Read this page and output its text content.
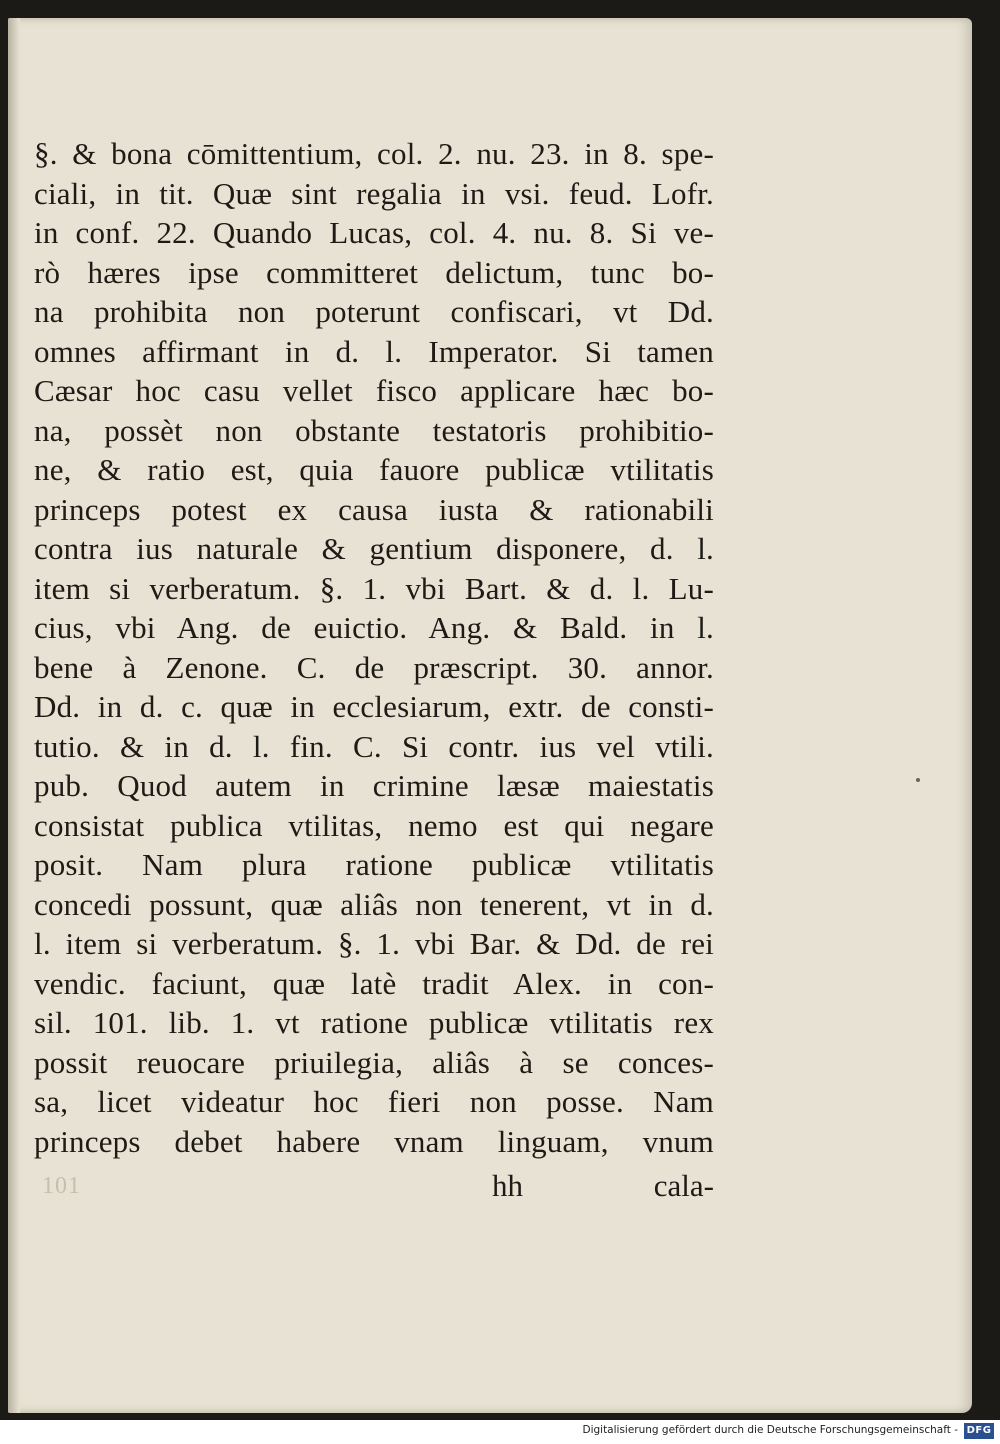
§. & bona cōmittentium, col. 2. nu. 23. in 8. spe-
ciali, in tit. Quæ sint regalia in vsi. feud. Lofr.
in conf. 22. Quando Lucas, col. 4. nu. 8. Si ve-
rò hæres ipse committeret delictum, tunc bo-
na prohibita non poterunt confiscari, vt Dd.
omnes affirmant in d. l. Imperator. Si tamen
Cæsar hoc casu vellet fisco applicare hæc bo-
na, possèt non obstante testatoris prohibitio-
ne, & ratio est, quia fauore publicæ vtilitatis
princeps potest ex causa iusta & rationabili
contra ius naturale & gentium disponere, d. l.
item si verberatum. §. 1. vbi Bart. & d. l. Lu-
cius, vbi Ang. de euictio. Ang. & Bald. in l.
bene à Zenone. C. de præscript. 30. annor.
Dd. in d. c. quæ in ecclesiarum, extr. de consti-
tutio. & in d. l. fin. C. Si contr. ius vel vtili.
pub. Quod autem in crimine læsæ maiestatis
consistat publica vtilitas, nemo est qui negare
posit. Nam plura ratione publicæ vtilitatis
concedi possunt, quæ aliâs non tenerent, vt in d.
l. item si verberatum. §. 1. vbi Bar. & Dd. de rei
vendic. faciunt, quæ latè tradit Alex. in con-
sil. 101. lib. 1. vt ratione publicæ vtilitatis rex
possit reuocare priuilegia, aliâs à se conces-
sa, licet videatur hoc fieri non posse. Nam
princeps debet habere vnam linguam, vnum
101	hh	cala-
Digitalisierung gefördert durch die Deutsche Forschungsgemeinschaft - DFG
